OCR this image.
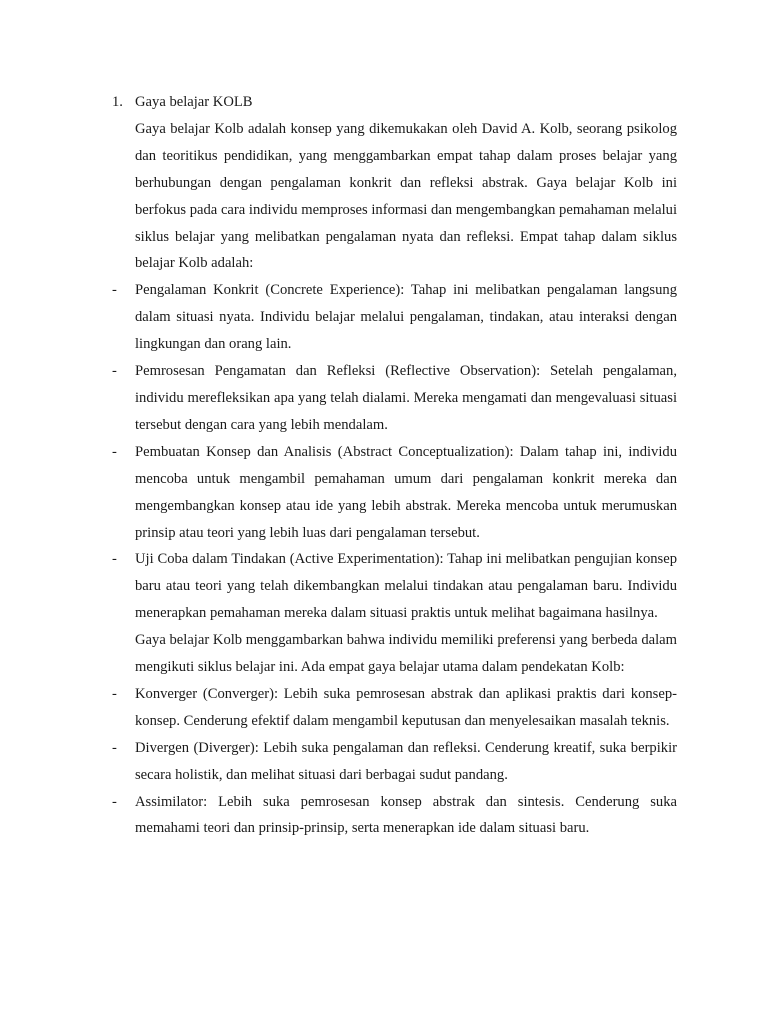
1. Gaya belajar KOLB
Gaya belajar Kolb adalah konsep yang dikemukakan oleh David A. Kolb, seorang psikolog dan teoritikus pendidikan, yang menggambarkan empat tahap dalam proses belajar yang berhubungan dengan pengalaman konkrit dan refleksi abstrak. Gaya belajar Kolb ini berfokus pada cara individu memproses informasi dan mengembangkan pemahaman melalui siklus belajar yang melibatkan pengalaman nyata dan refleksi. Empat tahap dalam siklus belajar Kolb adalah:
-	Pengalaman Konkrit (Concrete Experience): Tahap ini melibatkan pengalaman langsung dalam situasi nyata. Individu belajar melalui pengalaman, tindakan, atau interaksi dengan lingkungan dan orang lain.
-	Pemrosesan Pengamatan dan Refleksi (Reflective Observation): Setelah pengalaman, individu merefleksikan apa yang telah dialami. Mereka mengamati dan mengevaluasi situasi tersebut dengan cara yang lebih mendalam.
-	Pembuatan Konsep dan Analisis (Abstract Conceptualization): Dalam tahap ini, individu mencoba untuk mengambil pemahaman umum dari pengalaman konkrit mereka dan mengembangkan konsep atau ide yang lebih abstrak. Mereka mencoba untuk merumuskan prinsip atau teori yang lebih luas dari pengalaman tersebut.
-	Uji Coba dalam Tindakan (Active Experimentation): Tahap ini melibatkan pengujian konsep baru atau teori yang telah dikembangkan melalui tindakan atau pengalaman baru. Individu menerapkan pemahaman mereka dalam situasi praktis untuk melihat bagaimana hasilnya.
Gaya belajar Kolb menggambarkan bahwa individu memiliki preferensi yang berbeda dalam mengikuti siklus belajar ini. Ada empat gaya belajar utama dalam pendekatan Kolb:
-	Konverger (Converger): Lebih suka pemrosesan abstrak dan aplikasi praktis dari konsep-konsep. Cenderung efektif dalam mengambil keputusan dan menyelesaikan masalah teknis.
-	Divergen (Diverger): Lebih suka pengalaman dan refleksi. Cenderung kreatif, suka berpikir secara holistik, dan melihat situasi dari berbagai sudut pandang.
-	Assimilator: Lebih suka pemrosesan konsep abstrak dan sintesis. Cenderung suka memahami teori dan prinsip-prinsip, serta menerapkan ide dalam situasi baru.
